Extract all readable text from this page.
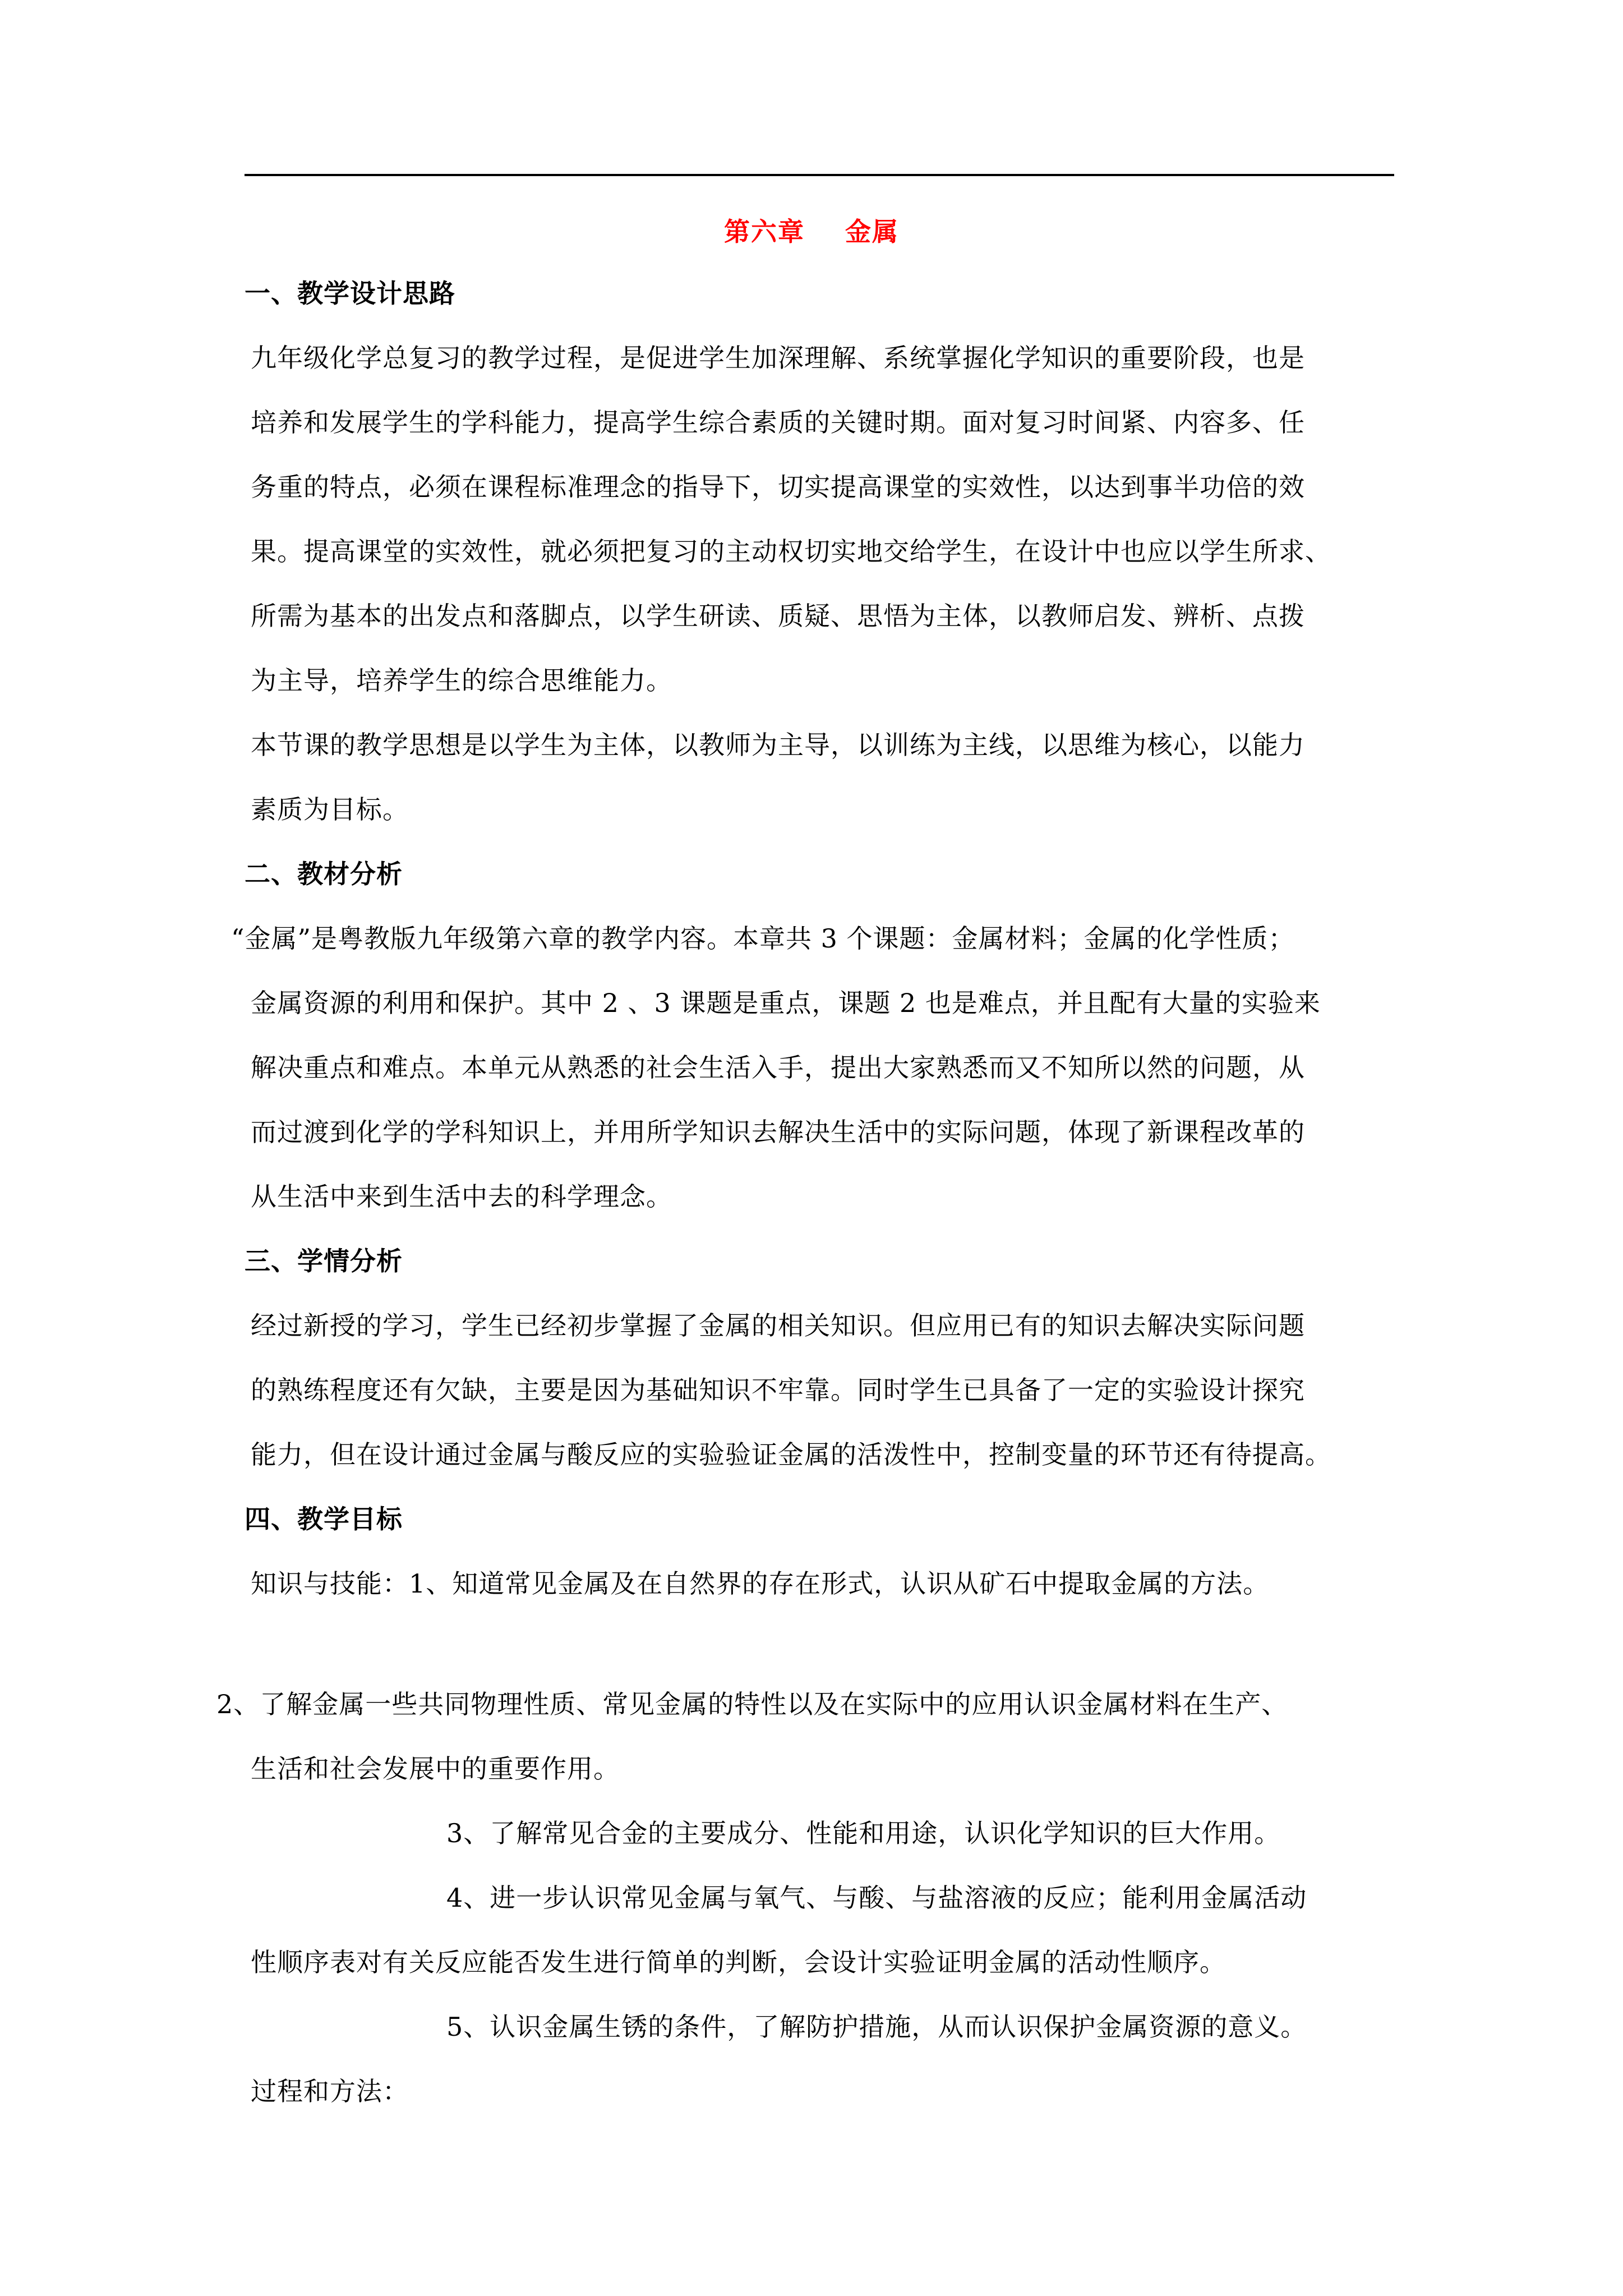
第六章    金属
一、教学设计思路
九年级化学总复习的教学过程，是促进学生加深理解、系统掌握化学知识的重要阶段，也是
培养和发展学生的学科能力，提高学生综合素质的关键时期。面对复习时间紧、内容多、任
务重的特点，必须在课程标准理念的指导下，切实提高课堂的实效性，以达到事半功倍的效
果。提高课堂的实效性，就必须把复习的主动权切实地交给学生，在设计中也应以学生所求、
所需为基本的出发点和落脚点，以学生研读、质疑、思悟为主体，以教师启发、辨析、点拨
为主导，培养学生的综合思维能力。
本节课的教学思想是以学生为主体，以教师为主导，以训练为主线，以思维为核心，以能力
素质为目标。
二、教材分析
“金属”是粤教版九年级第六章的教学内容。本章共 3 个课题：金属材料；金属的化学性质；
金属资源的利用和保护。其中 2 、3 课题是重点，课题 2 也是难点，并且配有大量的实验来
解决重点和难点。本单元从熟悉的社会生活入手，提出大家熟悉而又不知所以然的问题，从
而过渡到化学的学科知识上，并用所学知识去解决生活中的实际问题，体现了新课程改革的
从生活中来到生活中去的科学理念。
三、学情分析
经过新授的学习，学生已经初步掌握了金属的相关知识。但应用已有的知识去解决实际问题
的熟练程度还有欠缺，主要是因为基础知识不牢靠。同时学生已具备了一定的实验设计探究
能力，但在设计通过金属与酸反应的实验验证金属的活泼性中，控制变量的环节还有待提高。
四、教学目标
知识与技能：1、知道常见金属及在自然界的存在形式，认识从矿石中提取金属的方法。
2、了解金属一些共同物理性质、常见金属的特性以及在实际中的应用认识金属材料在生产、
生活和社会发展中的重要作用。
3、了解常见合金的主要成分、性能和用途，认识化学知识的巨大作用。
4、进一步认识常见金属与氧气、与酸、与盐溶液的反应；能利用金属活动
性顺序表对有关反应能否发生进行简单的判断，会设计实验证明金属的活动性顺序。
5、认识金属生锈的条件，了解防护措施，从而认识保护金属资源的意义。
过程和方法：
